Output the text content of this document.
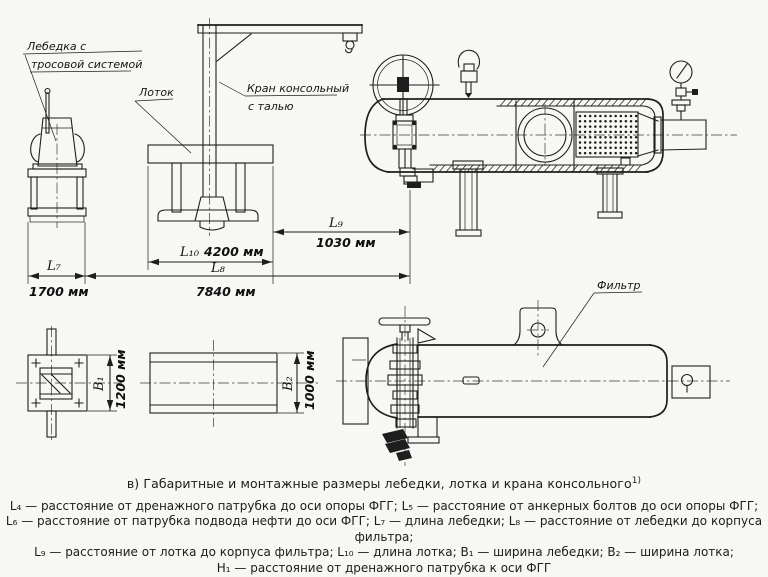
L₉
1030 мм
L₁₀ 4200 мм
L₇
1700 мм
L₈
7840 мм
B₁ 1200 мм	B₂ 1000 мм
Лебедка с
тросовой системой
Лоток	Кран консольный
с талью
Фильтр
в) Габаритные и монтажные размеры лебедки, лотка и крана консольного$^{1)}$
L₄ — расстояние от дренажного патрубка до оси опоры ФГГ; L₅ — расстояние от анкерных болтов до оси опоры ФГГ;
L₆ — расстояние от патрубка подвода нефти до оси ФГГ; L₇ — длина лебедки; L₈ — расстояние от лебедки до корпуса фильтра;
L₉ — расстояние от лотка до корпуса фильтра; L₁₀ — длина лотка; B₁ — ширина лебедки; B₂ — ширина лотка;
H₁ — расстояние от дренажного патрубка к оси ФГГ
